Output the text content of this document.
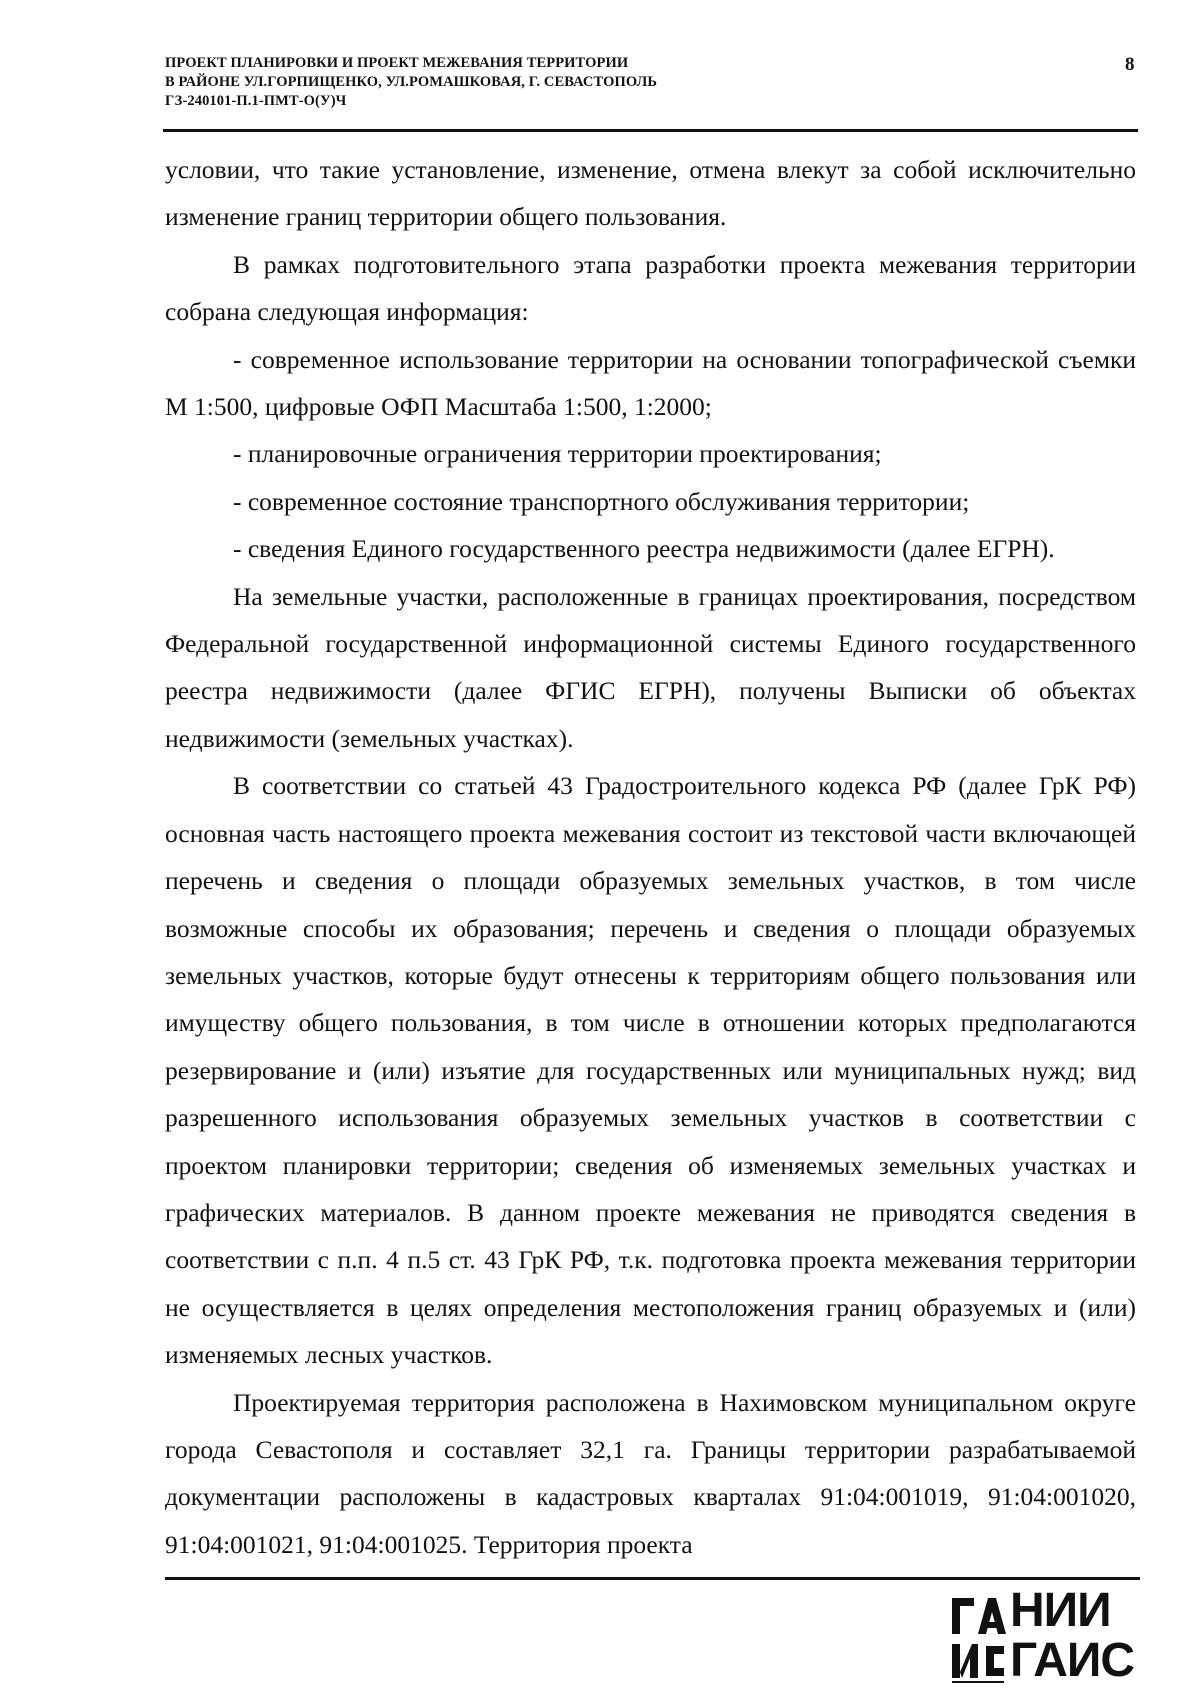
ПРОЕКТ ПЛАНИРОВКИ И ПРОЕКТ МЕЖЕВАНИЯ ТЕРРИТОРИИ
В РАЙОНЕ УЛ.ГОРПИЩЕНКО, УЛ.РОМАШКОВАЯ, Г. СЕВАСТОПОЛЬ
ГЗ-240101-П.1-ПМТ-О(У)Ч
8

условии, что такие установление, изменение, отмена влекут за собой исключительно изменение границ территории общего пользования.

В рамках подготовительного этапа разработки проекта межевания территории собрана следующая информация:

- современное использование территории на основании топографической съемки М 1:500, цифровые ОФП Масштаба 1:500, 1:2000;

- планировочные ограничения территории проектирования;

- современное состояние транспортного обслуживания территории;

- сведения Единого государственного реестра недвижимости (далее ЕГРН).

На земельные участки, расположенные в границах проектирования, посредством Федеральной государственной информационной системы Единого государственного реестра недвижимости (далее ФГИС ЕГРН), получены Выписки об объектах недвижимости (земельных участках).

В соответствии со статьей 43 Градостроительного кодекса РФ (далее ГрК РФ) основная часть настоящего проекта межевания состоит из текстовой части включающей перечень и сведения о площади образуемых земельных участков, в том числе возможные способы их образования; перечень и сведения о площади образуемых земельных участков, которые будут отнесены к территориям общего пользования или имуществу общего пользования, в том числе в отношении которых предполагаются резервирование и (или) изъятие для государственных или муниципальных нужд; вид разрешенного использования образуемых земельных участков в соответствии с проектом планировки территории; сведения об изменяемых земельных участках и графических материалов. В данном проекте межевания не приводятся сведения в соответствии с п.п. 4 п.5 ст. 43 ГрК РФ, т.к. подготовка проекта межевания территории не осуществляется в целях определения местоположения границ образуемых и (или) изменяемых лесных участков.

Проектируемая территория расположена в Нахимовском муниципальном округе города Севастополя и составляет 32,1 га. Границы территории разрабатываемой документации расположены в кадастровых кварталах 91:04:001019, 91:04:001020, 91:04:001021, 91:04:001025. Территория проекта

НИИ
ГАИС
